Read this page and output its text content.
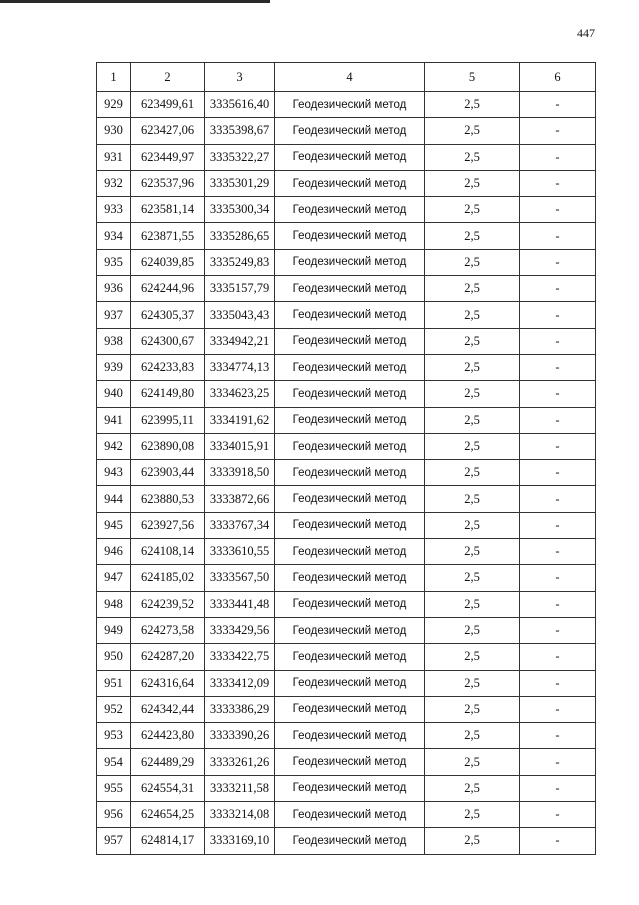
447
1	2	3	4	5	6
929	623499,61	3335616,40	Геодезический метод	2,5	-
930	623427,06	3335398,67	Геодезический метод	2,5	-
931	623449,97	3335322,27	Геодезический метод	2,5	-
932	623537,96	3335301,29	Геодезический метод	2,5	-
933	623581,14	3335300,34	Геодезический метод	2,5	-
934	623871,55	3335286,65	Геодезический метод	2,5	-
935	624039,85	3335249,83	Геодезический метод	2,5	-
936	624244,96	3335157,79	Геодезический метод	2,5	-
937	624305,37	3335043,43	Геодезический метод	2,5	-
938	624300,67	3334942,21	Геодезический метод	2,5	-
939	624233,83	3334774,13	Геодезический метод	2,5	-
940	624149,80	3334623,25	Геодезический метод	2,5	-
941	623995,11	3334191,62	Геодезический метод	2,5	-
942	623890,08	3334015,91	Геодезический метод	2,5	-
943	623903,44	3333918,50	Геодезический метод	2,5	-
944	623880,53	3333872,66	Геодезический метод	2,5	-
945	623927,56	3333767,34	Геодезический метод	2,5	-
946	624108,14	3333610,55	Геодезический метод	2,5	-
947	624185,02	3333567,50	Геодезический метод	2,5	-
948	624239,52	3333441,48	Геодезический метод	2,5	-
949	624273,58	3333429,56	Геодезический метод	2,5	-
950	624287,20	3333422,75	Геодезический метод	2,5	-
951	624316,64	3333412,09	Геодезический метод	2,5	-
952	624342,44	3333386,29	Геодезический метод	2,5	-
953	624423,80	3333390,26	Геодезический метод	2,5	-
954	624489,29	3333261,26	Геодезический метод	2,5	-
955	624554,31	3333211,58	Геодезический метод	2,5	-
956	624654,25	3333214,08	Геодезический метод	2,5	-
957	624814,17	3333169,10	Геодезический метод	2,5	-
